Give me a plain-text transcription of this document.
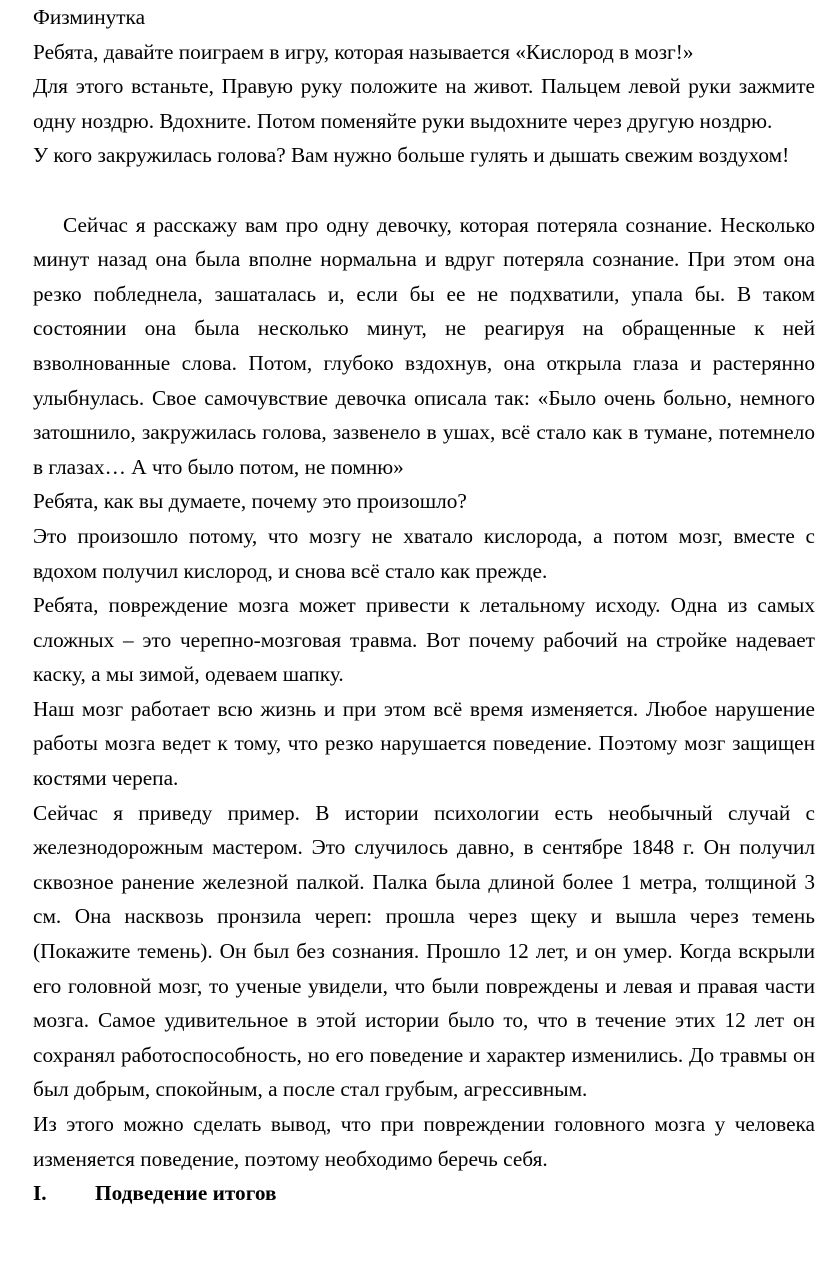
Физминутка

Ребята, давайте поиграем в игру, которая называется «Кислород в мозг!»

Для этого встаньте, Правую руку положите на живот. Пальцем левой руки зажмите одну ноздрю. Вдохните. Потом поменяйте руки выдохните через другую ноздрю.

У кого закружилась голова? Вам нужно больше гулять и дышать свежим воздухом!

Сейчас я расскажу вам про одну девочку, которая потеряла сознание. Несколько минут назад она была вполне нормальна и вдруг потеряла сознание. При этом она резко побледнела, зашаталась и, если бы ее не подхватили, упала бы. В таком состоянии она была несколько минут, не реагируя на обращенные к ней взволнованные слова. Потом, глубоко вздохнув, она открыла глаза и растерянно улыбнулась. Свое самочувствие девочка описала так: «Было очень больно, немного затошнило, закружилась голова, зазвенело в ушах, всё стало как в тумане, потемнело в глазах… А что было потом, не помню»

Ребята, как вы думаете, почему это произошло?

Это произошло потому, что мозгу не хватало кислорода, а потом мозг, вместе с вдохом получил кислород, и снова всё стало как прежде.

Ребята, повреждение мозга может привести к летальному исходу. Одна из самых сложных – это черепно-мозговая травма. Вот почему рабочий на стройке надевает каску, а мы зимой, одеваем шапку.

Наш мозг работает всю жизнь и при этом всё время изменяется. Любое нарушение работы мозга ведет к тому, что резко нарушается поведение. Поэтому мозг защищен костями черепа.

Сейчас я приведу пример. В истории психологии есть необычный случай с железнодорожным мастером. Это случилось давно, в сентябре 1848 г. Он получил сквозное ранение железной палкой. Палка была длиной более 1 метра, толщиной 3 см. Она насквозь пронзила череп: прошла через щеку и вышла через темень (Покажите темень). Он был без сознания. Прошло 12 лет, и он умер. Когда вскрыли его головной мозг, то ученые увидели, что были повреждены и левая и правая части мозга. Самое удивительное в этой истории было то, что в течение этих 12 лет он сохранял работоспособность, но его поведение и характер изменились. До травмы он был добрым, спокойным, а после стал грубым, агрессивным.

Из этого можно сделать вывод, что при повреждении головного мозга у человека изменяется поведение, поэтому необходимо беречь себя.

I.	Подведение итогов
